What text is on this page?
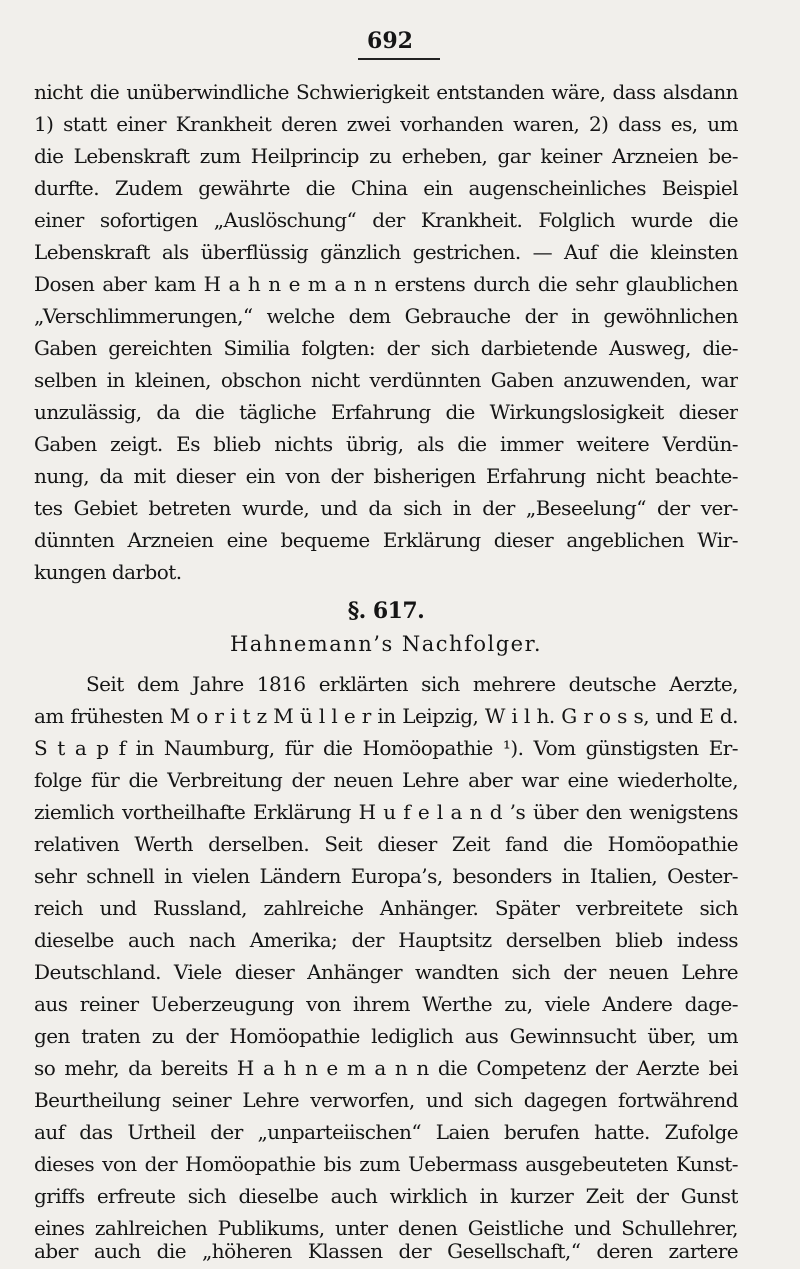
692
nicht die unüberwindliche Schwierigkeit entstanden wäre, dass alsdann
1) statt einer Krankheit deren zwei vorhanden waren, 2) dass es, um
die Lebenskraft zum Heilprincip zu erheben, gar keiner Arzneien be-
durfte. Zudem gewährte die China ein augenscheinliches Beispiel
einer sofortigen „Auslöschung“ der Krankheit. Folglich wurde die
Lebenskraft als überflüssig gänzlich gestrichen. — Auf die kleinsten
Dosen aber kam H a h n e m a n n erstens durch die sehr glaublichen
„Verschlimmerungen,“ welche dem Gebrauche der in gewöhnlichen
Gaben gereichten Similia folgten: der sich darbietende Ausweg, die-
selben in kleinen, obschon nicht verdünnten Gaben anzuwenden, war
unzulässig, da die tägliche Erfahrung die Wirkungslosigkeit dieser
Gaben zeigt. Es blieb nichts übrig, als die immer weitere Verdün-
nung, da mit dieser ein von der bisherigen Erfahrung nicht beachte-
tes Gebiet betreten wurde, und da sich in der „Beseelung“ der ver-
dünnten Arzneien eine bequeme Erklärung dieser angeblichen Wir-
kungen darbot.
§. 617.
Hahnemann’s Nachfolger.
Seit dem Jahre 1816 erklärten sich mehrere deutsche Aerzte,
am frühesten M o r i t z M ü l l e r in Leipzig, W i l h. G r o s s, und E d.
S t a p f in Naumburg, für die Homöopathie ¹). Vom günstigsten Er-
folge für die Verbreitung der neuen Lehre aber war eine wiederholte,
ziemlich vortheilhafte Erklärung H u f e l a n d ’s über den wenigstens
relativen Werth derselben. Seit dieser Zeit fand die Homöopathie
sehr schnell in vielen Ländern Europa’s, besonders in Italien, Oester-
reich und Russland, zahlreiche Anhänger. Später verbreitete sich
dieselbe auch nach Amerika; der Hauptsitz derselben blieb indess
Deutschland. Viele dieser Anhänger wandten sich der neuen Lehre
aus reiner Ueberzeugung von ihrem Werthe zu, viele Andere dage-
gen traten zu der Homöopathie lediglich aus Gewinnsucht über, um
so mehr, da bereits H a h n e m a n n die Competenz der Aerzte bei
Beurtheilung seiner Lehre verworfen, und sich dagegen fortwährend
auf das Urtheil der „unparteiischen“ Laien berufen hatte. Zufolge
dieses von der Homöopathie bis zum Uebermass ausgebeuteten Kunst-
griffs erfreute sich dieselbe auch wirklich in kurzer Zeit der Gunst
eines zahlreichen Publikums, unter denen Geistliche und Schullehrer,
aber auch die „höheren Klassen der Gesellschaft,“ deren zartere
